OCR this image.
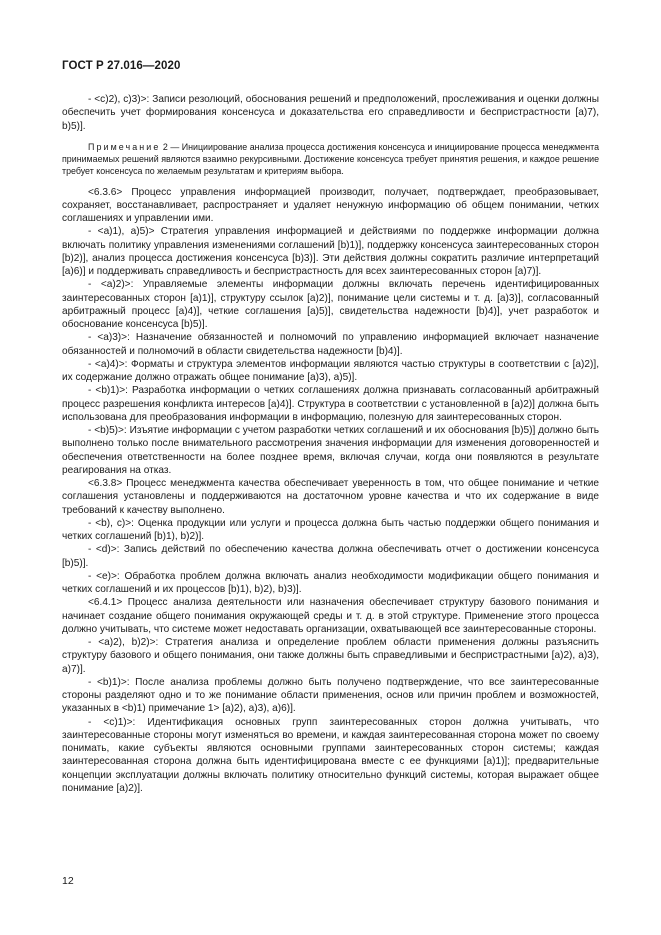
ГОСТ Р 27.016—2020

- <c)2), c)3)>: Записи резолюций, обоснования решений и предположений, прослеживания и оценки должны обеспечить учет формирования консенсуса и доказательства его справедливости и беспристрастности [a)7), b)5)].

Примечание 2 — Инициирование анализа процесса достижения консенсуса и инициирование процесса менеджмента принимаемых решений являются взаимно рекурсивными. Достижение консенсуса требует принятия решения, и каждое решение требует консенсуса по желаемым результатам и критериям выбора.

<6.3.6> Процесс управления информацией производит, получает, подтверждает, преобразовывает, сохраняет, восстанавливает, распространяет и удаляет ненужную информацию об общем понимании, четких соглашениях и управлении ими.

- <a)1), a)5)> Стратегия управления информацией и действиями по поддержке информации должна включать политику управления изменениями соглашений [b)1)], поддержку консенсуса заинтересованных сторон [b)2)], анализ процесса достижения консенсуса [b)3)]. Эти действия должны сократить различие интерпретаций [a)6)] и поддерживать справедливость и беспристрастность для всех заинтересованных сторон [a)7)].

- <a)2)>: Управляемые элементы информации должны включать перечень идентифицированных заинтересованных сторон [a)1)], структуру ссылок [a)2)], понимание цели системы и т. д. [a)3)], согласованный арбитражный процесс [a)4)], четкие соглашения [a)5)], свидетельства надежности [b)4)], учет разработок и обоснование консенсуса [b)5)].

- <a)3)>: Назначение обязанностей и полномочий по управлению информацией включает назначение обязанностей и полномочий в области свидетельства надежности [b)4)].

- <a)4)>: Форматы и структура элементов информации являются частью структуры в соответствии с [a)2)], их содержание должно отражать общее понимание [a)3), a)5)].

- <b)1)>: Разработка информации о четких соглашениях должна признавать согласованный арбитражный процесс разрешения конфликта интересов [a)4)]. Структура в соответствии с установленной в [a)2)] должна быть использована для преобразования информации в информацию, полезную для заинтересованных сторон.

- <b)5)>: Изъятие информации с учетом разработки четких соглашений и их обоснования [b)5)] должно быть выполнено только после внимательного рассмотрения значения информации для изменения договоренностей и обеспечения ответственности на более позднее время, включая случаи, когда они появляются в результате реагирования на отказ.

<6.3.8> Процесс менеджмента качества обеспечивает уверенность в том, что общее понимание и четкие соглашения установлены и поддерживаются на достаточном уровне качества и что их содержание в виде требований к качеству выполнено.

- <b), c)>: Оценка продукции или услуги и процесса должна быть частью поддержки общего понимания и четких соглашений [b)1), b)2)].

- <d)>: Запись действий по обеспечению качества должна обеспечивать отчет о достижении консенсуса [b)5)].

- <e)>: Обработка проблем должна включать анализ необходимости модификации общего понимания и четких соглашений и их процессов [b)1), b)2), b)3)].

<6.4.1> Процесс анализа деятельности или назначения обеспечивает структуру базового понимания и начинает создание общего понимания окружающей среды и т. д. в этой структуре. Применение этого процесса должно учитывать, что системе может недоставать организации, охватывающей все заинтересованные стороны.

- <a)2), b)2)>: Стратегия анализа и определение проблем области применения должны разъяснить структуру базового и общего понимания, они также должны быть справедливыми и беспристрастными [a)2), a)3), a)7)].

- <b)1)>: После анализа проблемы должно быть получено подтверждение, что все заинтересованные стороны разделяют одно и то же понимание области применения, основ или причин проблем и возможностей, указанных в <b)1) примечание 1> [a)2), a)3), a)6)].

- <c)1)>: Идентификация основных групп заинтересованных сторон должна учитывать, что заинтересованные стороны могут изменяться во времени, и каждая заинтересованная сторона может по своему понимать, какие субъекты являются основными группами заинтересованных сторон системы; каждая заинтересованная сторона должна быть идентифицирована вместе с ее функциями [a)1)]; предварительные концепции эксплуатации должны включать политику относительно функций системы, которая выражает общее понимание [a)2)].

12
